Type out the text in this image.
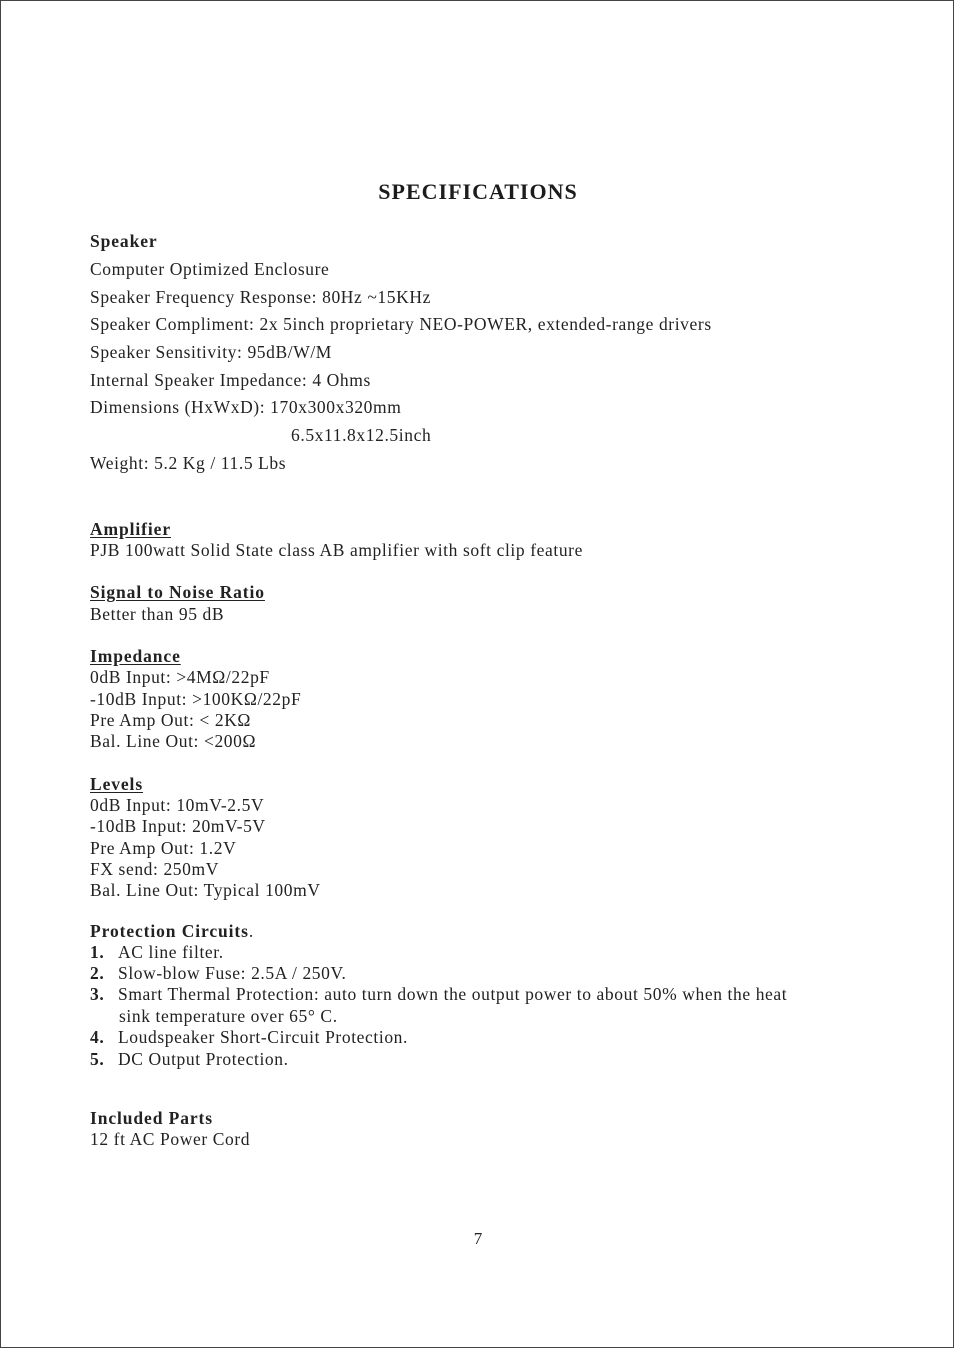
SPECIFICATIONS
Speaker
Computer Optimized Enclosure
Speaker Frequency Response: 80Hz ~15KHz
Speaker Compliment: 2x 5inch proprietary NEO-POWER, extended-range drivers
Speaker Sensitivity: 95dB/W/M
Internal Speaker Impedance: 4 Ohms
Dimensions (HxWxD): 170x300x320mm
6.5x11.8x12.5inch
Weight: 5.2 Kg / 11.5 Lbs
Amplifier
PJB 100watt Solid State class AB amplifier with soft clip feature
Signal to Noise Ratio
Better than 95 dB
Impedance
0dB Input: >4MΩ/22pF
-10dB Input: >100KΩ/22pF
Pre Amp Out: < 2KΩ
Bal. Line Out: <200Ω
Levels
0dB Input: 10mV-2.5V
-10dB Input: 20mV-5V
Pre Amp Out: 1.2V
FX send: 250mV
Bal. Line Out: Typical 100mV
Protection Circuits.
1. AC line filter.
2. Slow-blow Fuse: 2.5A / 250V.
3. Smart Thermal Protection: auto turn down the output power to about 50% when the heat
sink temperature over 65° C.
4. Loudspeaker Short-Circuit Protection.
5. DC Output Protection.
Included Parts
12 ft AC Power Cord
7
